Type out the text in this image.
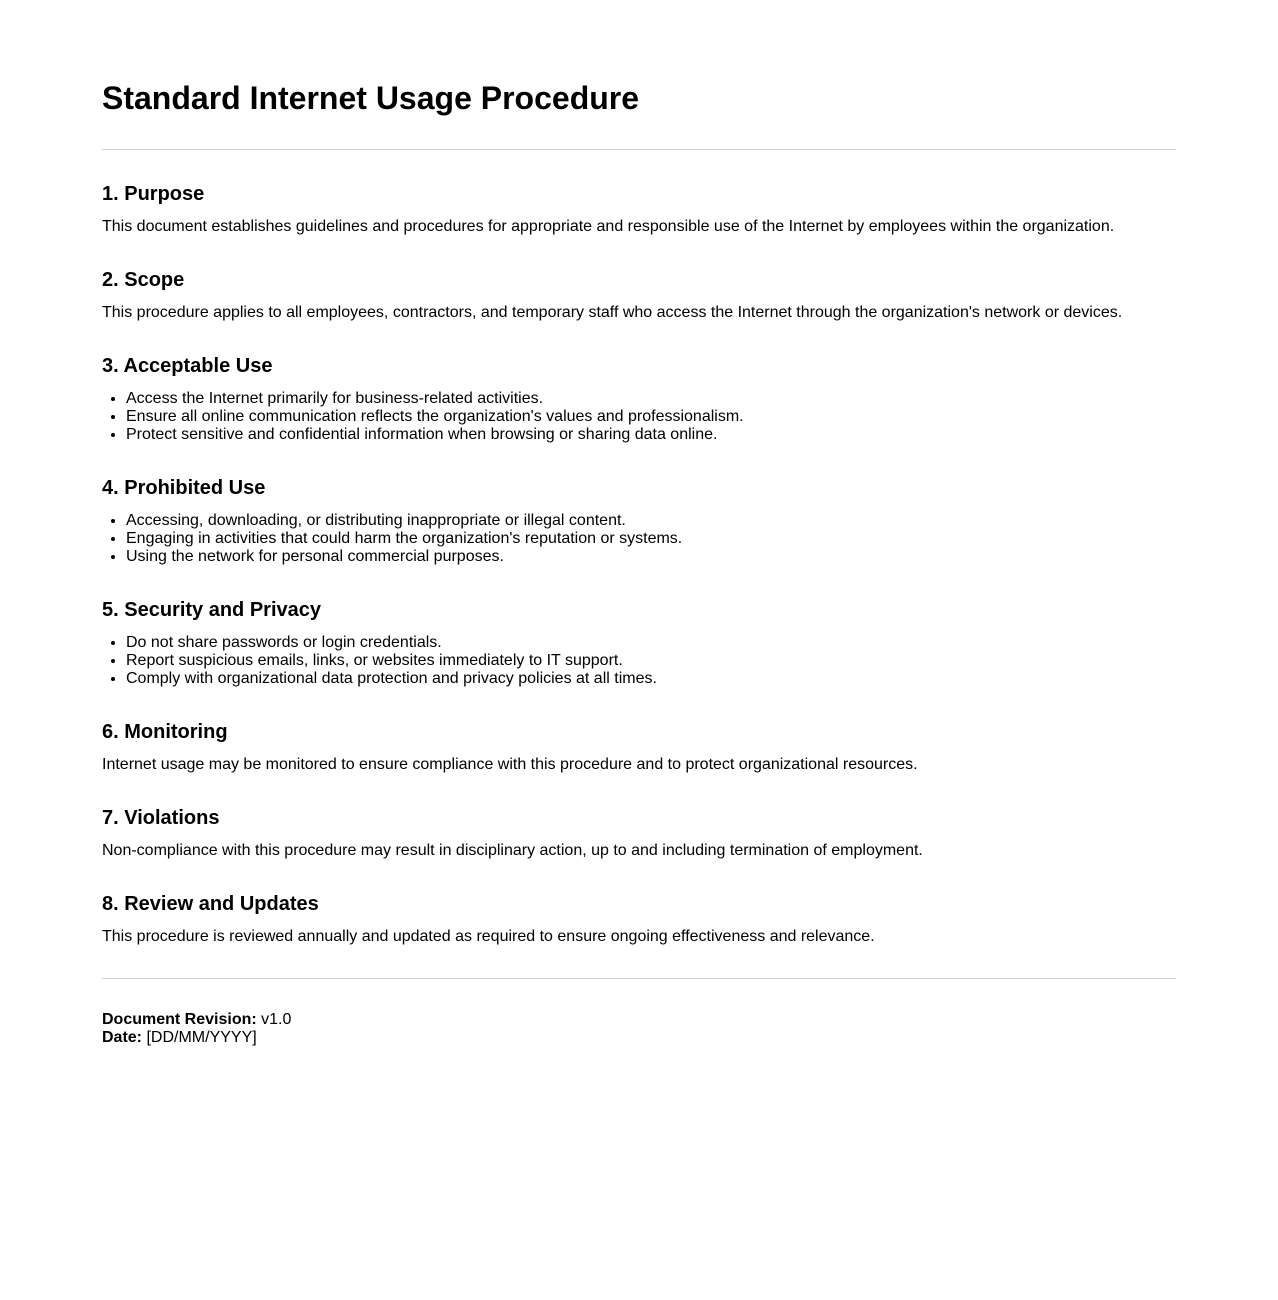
Standard Internet Usage Procedure
1. Purpose

This document establishes guidelines and procedures for appropriate and responsible use of the Internet by employees within the organization.

2. Scope

This procedure applies to all employees, contractors, and temporary staff who access the Internet through the organization's network or devices.

3. Acceptable Use
• Access the Internet primarily for business-related activities.
• Ensure all online communication reflects the organization's values and professionalism.
• Protect sensitive and confidential information when browsing or sharing data online.
4. Prohibited Use
• Accessing, downloading, or distributing inappropriate or illegal content.
• Engaging in activities that could harm the organization's reputation or systems.
• Using the network for personal commercial purposes.
5. Security and Privacy
• Do not share passwords or login credentials.
• Report suspicious emails, links, or websites immediately to IT support.
• Comply with organizational data protection and privacy policies at all times.
6. Monitoring

Internet usage may be monitored to ensure compliance with this procedure and to protect organizational resources.

7. Violations

Non-compliance with this procedure may result in disciplinary action, up to and including termination of employment.

8. Review and Updates

This procedure is reviewed annually and updated as required to ensure ongoing effectiveness and relevance.

Document Revision: v1.0
Date: [DD/MM/YYYY]
